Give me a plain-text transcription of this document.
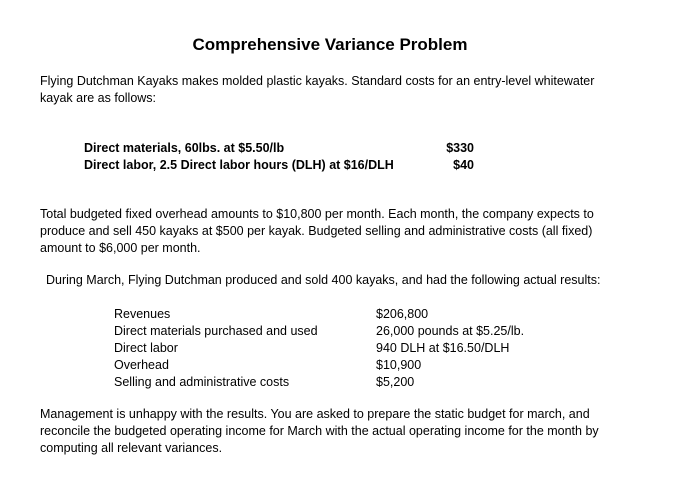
Comprehensive Variance Problem

Flying Dutchman Kayaks makes molded plastic kayaks. Standard costs for an entry-level whitewater kayak are as follows:

Direct materials, 60lbs. at $5.50/lb	$330
Direct labor, 2.5 Direct labor hours (DLH) at $16/DLH	$40

Total budgeted fixed overhead amounts to $10,800 per month. Each month, the company expects to produce and sell 450 kayaks at $500 per kayak. Budgeted selling and administrative costs (all fixed) amount to $6,000 per month.

During March, Flying Dutchman produced and sold 400 kayaks, and had the following actual results:

Revenues	$206,800
Direct materials purchased and used	26,000 pounds at $5.25/lb.
Direct labor	940 DLH at $16.50/DLH
Overhead	$10,900
Selling and administrative costs	$5,200

Management is unhappy with the results. You are asked to prepare the static budget for march, and reconcile the budgeted operating income for March with the actual operating income for the month by computing all relevant variances.
